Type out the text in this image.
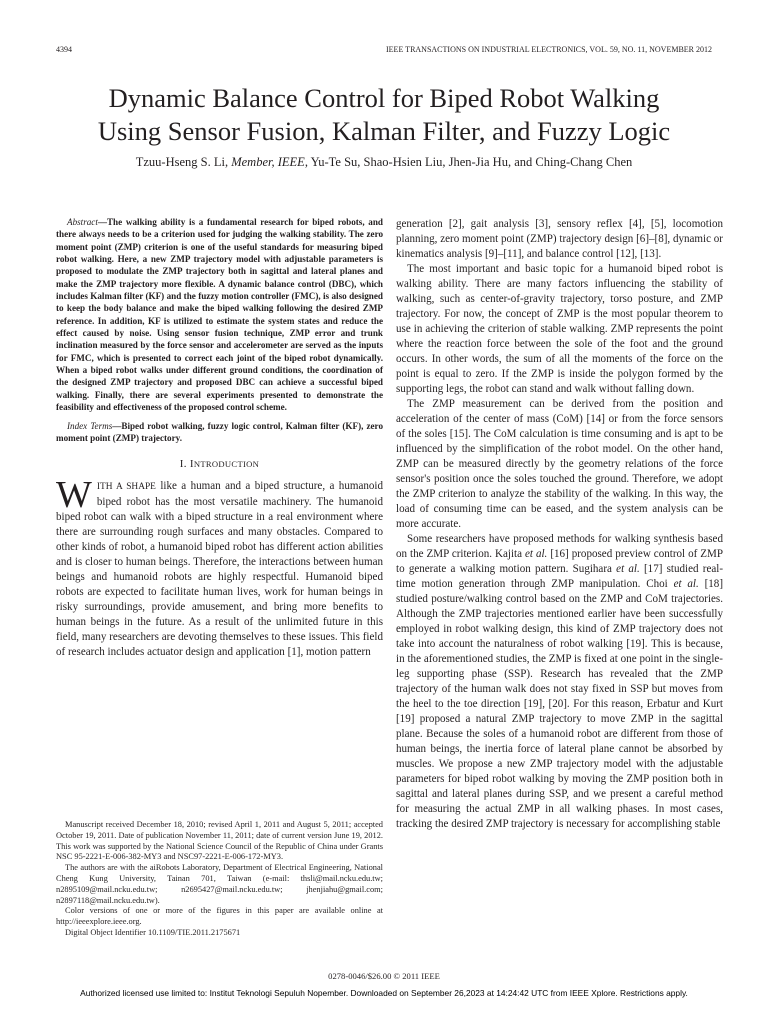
4394	IEEE TRANSACTIONS ON INDUSTRIAL ELECTRONICS, VOL. 59, NO. 11, NOVEMBER 2012
Dynamic Balance Control for Biped Robot Walking
Using Sensor Fusion, Kalman Filter, and Fuzzy Logic
Tzuu-Hseng S. Li, Member, IEEE, Yu-Te Su, Shao-Hsien Liu, Jhen-Jia Hu, and Ching-Chang Chen

Abstract—The walking ability is a fundamental research for biped robots, and there always needs to be a criterion used for judging the walking stability. The zero moment point (ZMP) criterion is one of the useful standards for measuring biped robot walking. Here, a new ZMP trajectory model with adjustable parameters is proposed to modulate the ZMP trajectory both in sagittal and lateral planes and make the ZMP trajectory more flexible. A dynamic balance control (DBC), which includes Kalman filter (KF) and the fuzzy motion controller (FMC), is also designed to keep the body balance and make the biped walking following the desired ZMP reference. In addition, KF is utilized to estimate the system states and reduce the effect caused by noise. Using sensor fusion technique, ZMP error and trunk inclination measured by the force sensor and accelerometer are served as the inputs for FMC, which is presented to correct each joint of the biped robot dynamically. When a biped robot walks under different ground conditions, the coordination of the designed ZMP trajectory and proposed DBC can achieve a successful biped walking. Finally, there are several experiments presented to demonstrate the feasibility and effectiveness of the proposed control scheme.

Index Terms—Biped robot walking, fuzzy logic control, Kalman filter (KF), zero moment point (ZMP) trajectory.

I. INTRODUCTION

WITH A SHAPE like a human and a biped structure, a humanoid biped robot has the most versatile machinery. The humanoid biped robot can walk with a biped structure in a real environment where there are surrounding rough surfaces and many obstacles. Compared to other kinds of robot, a humanoid biped robot has different action abilities and is closer to human beings. Therefore, the interactions between human beings and humanoid robots are highly respectful. Humanoid biped robots are expected to facilitate human lives, work for human beings in risky surroundings, provide amusement, and bring more benefits to human beings in the future. As a result of the unlimited future in this field, many researchers are devoting themselves to these issues. This field of research includes actuator design and application [1], motion pattern

generation [2], gait analysis [3], sensory reflex [4], [5], locomotion planning, zero moment point (ZMP) trajectory design [6]–[8], dynamic or kinematics analysis [9]–[11], and balance control [12], [13].

The most important and basic topic for a humanoid biped robot is walking ability. There are many factors influencing the stability of walking, such as center-of-gravity trajectory, torso posture, and ZMP trajectory. For now, the concept of ZMP is the most popular theorem to use in achieving the criterion of stable walking. ZMP represents the point where the reaction force between the sole of the foot and the ground occurs. In other words, the sum of all the moments of the force on the point is equal to zero. If the ZMP is inside the polygon formed by the supporting legs, the robot can stand and walk without falling down.

The ZMP measurement can be derived from the position and acceleration of the center of mass (CoM) [14] or from the force sensors of the soles [15]. The CoM calculation is time consuming and is apt to be influenced by the simplification of the robot model. On the other hand, ZMP can be measured directly by the geometry relations of the force sensor's position once the soles touched the ground. Therefore, we adopt the ZMP criterion to analyze the stability of the walking. In this way, the load of consuming time can be eased, and the system analysis can be more accurate.

Some researchers have proposed methods for walking synthesis based on the ZMP criterion. Kajita et al. [16] proposed preview control of ZMP to generate a walking motion pattern. Sugihara et al. [17] studied real-time motion generation through ZMP manipulation. Choi et al. [18] studied posture/walking control based on the ZMP and CoM trajectories. Although the ZMP trajectories mentioned earlier have been successfully employed in robot walking design, this kind of ZMP trajectory does not take into account the naturalness of robot walking [19]. This is because, in the aforementioned studies, the ZMP is fixed at one point in the single-leg supporting phase (SSP). Research has revealed that the ZMP trajectory of the human walk does not stay fixed in SSP but moves from the heel to the toe direction [19], [20]. For this reason, Erbatur and Kurt [19] proposed a natural ZMP trajectory to move ZMP in the sagittal plane. Because the soles of a humanoid robot are different from those of human beings, the inertia force of lateral plane cannot be absorbed by muscles. We propose a new ZMP trajectory model with the adjustable parameters for biped robot walking by moving the ZMP position both in sagittal and lateral planes during SSP, and we present a careful method for measuring the actual ZMP in all walking phases. In most cases, tracking the desired ZMP trajectory is necessary for accomplishing stable

Manuscript received December 18, 2010; revised April 1, 2011 and August 5, 2011; accepted October 19, 2011. Date of publication November 11, 2011; date of current version June 19, 2012. This work was supported by the National Science Council of the Republic of China under Grants NSC 95-2221-E-006-382-MY3 and NSC97-2221-E-006-172-MY3.

The authors are with the aiRobots Laboratory, Department of Electrical Engineering, National Cheng Kung University, Tainan 701, Taiwan (e-mail: thsli@mail.ncku.edu.tw; n2895109@mail.ncku.edu.tw; n2695427@mail.ncku.edu.tw; jhenjiahu@gmail.com; n2897118@mail.ncku.edu.tw).

Color versions of one or more of the figures in this paper are available online at http://ieeexplore.ieee.org.

Digital Object Identifier 10.1109/TIE.2011.2175671

0278-0046/$26.00 © 2011 IEEE
Authorized licensed use limited to: Institut Teknologi Sepuluh Nopember. Downloaded on September 26,2023 at 14:24:42 UTC from IEEE Xplore. Restrictions apply.
